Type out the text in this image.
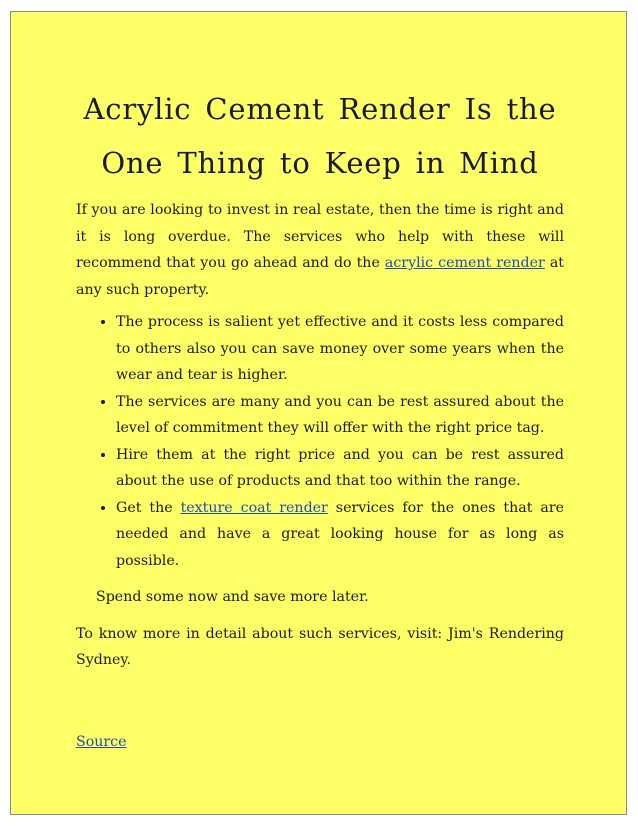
Acrylic Cement Render Is the One Thing to Keep in Mind

If you are looking to invest in real estate, then the time is right and it is long overdue. The services who help with these will recommend that you go ahead and do the acrylic cement render at any such property.

• The process is salient yet effective and it costs less compared to others also you can save money over some years when the wear and tear is higher.
• The services are many and you can be rest assured about the level of commitment they will offer with the right price tag.
• Hire them at the right price and you can be rest assured about the use of products and that too within the range.
• Get the texture coat render services for the ones that are needed and have a great looking house for as long as possible.

Spend some now and save more later.

To know more in detail about such services, visit: Jim's Rendering Sydney.

Source
